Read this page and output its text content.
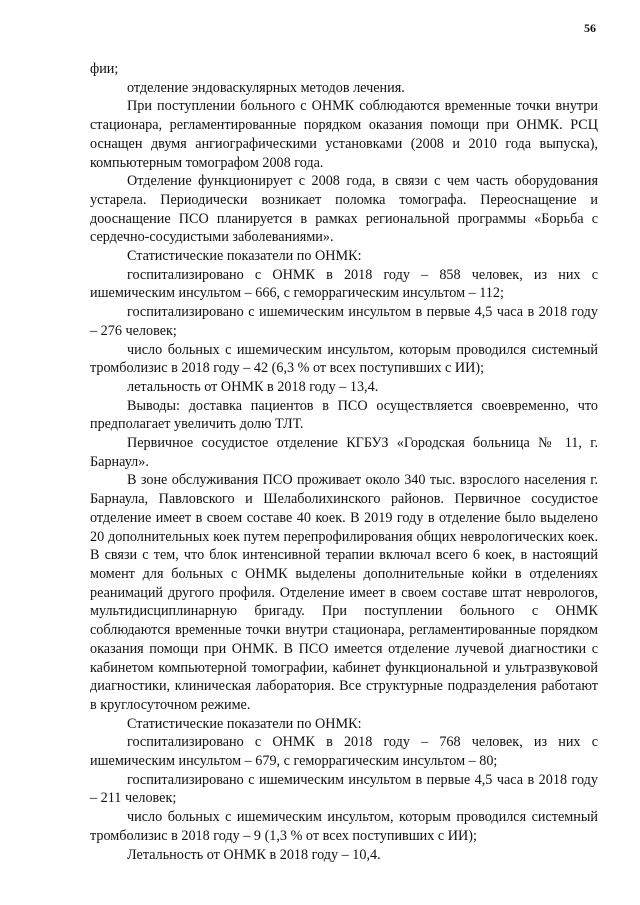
56

фии;

отделение эндоваскулярных методов лечения.

При поступлении больного с ОНМК соблюдаются временные точки внутри стационара, регламентированные порядком оказания помощи при ОНМК. РСЦ оснащен двумя ангиографическими установками (2008 и 2010 года выпуска), компьютерным томографом 2008 года.

Отделение функционирует с 2008 года, в связи с чем часть оборудования устарела. Периодически возникает поломка томографа. Переоснащение и дооснащение ПСО планируется в рамках региональной программы «Борьба с сердечно-сосудистыми заболеваниями».

Статистические показатели по ОНМК:

госпитализировано с ОНМК в 2018 году – 858 человек, из них с ишемическим инсультом – 666, с геморрагическим инсультом – 112;

госпитализировано с ишемическим инсультом в первые 4,5 часа в 2018 году – 276 человек;

число больных с ишемическим инсультом, которым проводился системный тромболизис в 2018 году – 42 (6,3 % от всех поступивших с ИИ);

летальность от ОНМК в 2018 году – 13,4.

Выводы: доставка пациентов в ПСО осуществляется своевременно, что предполагает увеличить долю ТЛТ.

Первичное сосудистое отделение КГБУЗ «Городская больница № 11, г. Барнаул».

В зоне обслуживания ПСО проживает около 340 тыс. взрослого населения г. Барнаула, Павловского и Шелаболихинского районов. Первичное сосудистое отделение имеет в своем составе 40 коек. В 2019 году в отделение было выделено 20 дополнительных коек путем перепрофилирования общих неврологических коек. В связи с тем, что блок интенсивной терапии включал всего 6 коек, в настоящий момент для больных с ОНМК выделены дополнительные койки в отделениях реанимаций другого профиля. Отделение имеет в своем составе штат неврологов, мультидисциплинарную бригаду. При поступлении больного с ОНМК соблюдаются временные точки внутри стационара, регламентированные порядком оказания помощи при ОНМК. В ПСО имеется отделение лучевой диагностики с кабинетом компьютерной томографии, кабинет функциональной и ультразвуковой диагностики, клиническая лаборатория. Все структурные подразделения работают в круглосуточном режиме.

Статистические показатели по ОНМК:

госпитализировано с ОНМК в 2018 году – 768 человек, из них с ишемическим инсультом – 679, с геморрагическим инсультом – 80;

госпитализировано с ишемическим инсультом в первые 4,5 часа в 2018 году – 211 человек;

число больных с ишемическим инсультом, которым проводился системный тромболизис в 2018 году – 9 (1,3 % от всех поступивших с ИИ);

Летальность от ОНМК в 2018 году – 10,4.
